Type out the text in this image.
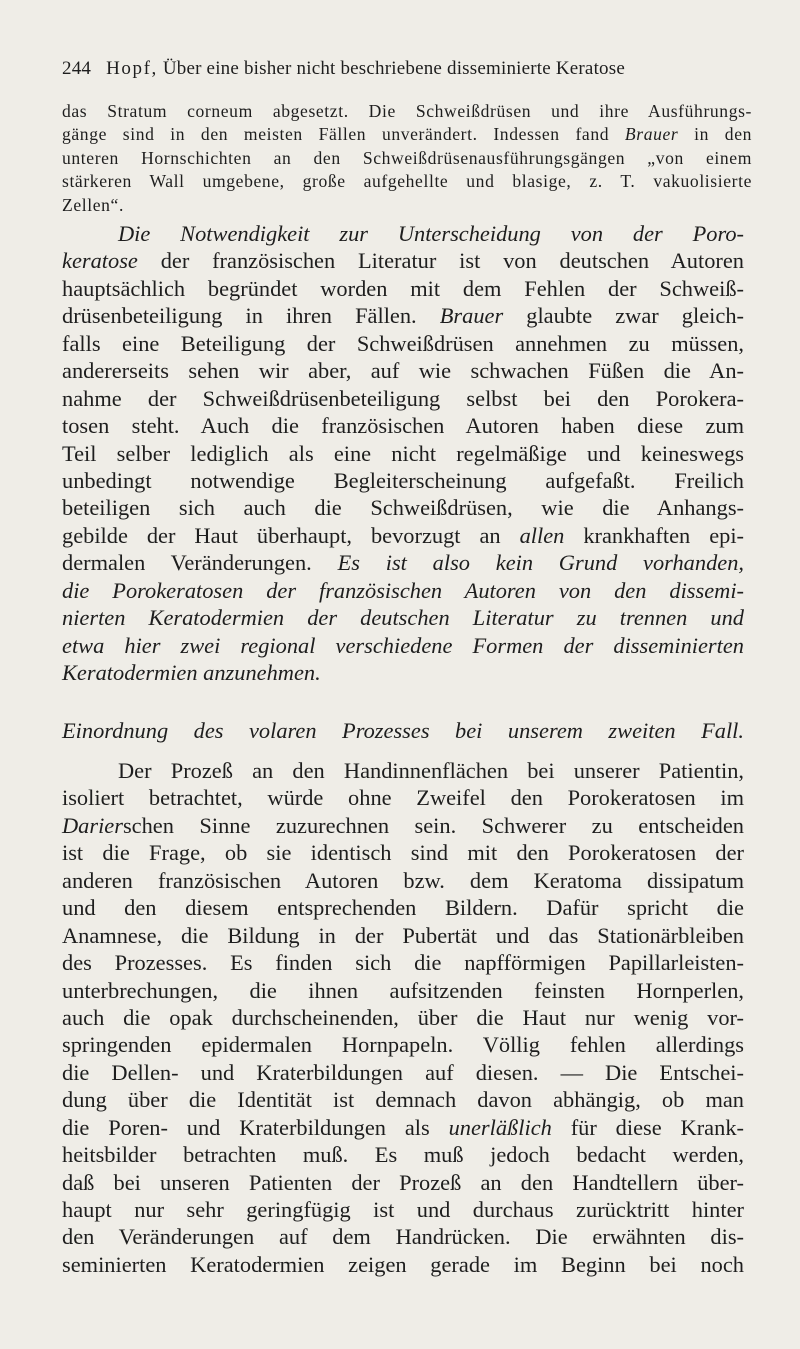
244 Hopf, Über eine bisher nicht beschriebene disseminierte Keratose
das Stratum corneum abgesetzt. Die Schweißdrüsen und ihre Ausführungs-
gänge sind in den meisten Fällen unverändert. Indessen fand Brauer in den
unteren Hornschichten an den Schweißdrüsenausführungsgängen „von einem
stärkeren Wall umgebene, große aufgehellte und blasige, z. T. vakuolisierte
Zellen“.
Die Notwendigkeit zur Unterscheidung von der Poro-
keratose der französischen Literatur ist von deutschen Autoren
hauptsächlich begründet worden mit dem Fehlen der Schweiß-
drüsenbeteiligung in ihren Fällen. Brauer glaubte zwar gleich-
falls eine Beteiligung der Schweißdrüsen annehmen zu müssen,
andererseits sehen wir aber, auf wie schwachen Füßen die An-
nahme der Schweißdrüsenbeteiligung selbst bei den Porokera-
tosen steht. Auch die französischen Autoren haben diese zum
Teil selber lediglich als eine nicht regelmäßige und keineswegs
unbedingt notwendige Begleiterscheinung aufgefaßt. Freilich
beteiligen sich auch die Schweißdrüsen, wie die Anhangs-
gebilde der Haut überhaupt, bevorzugt an allen krankhaften epi-
dermalen Veränderungen. Es ist also kein Grund vorhanden,
die Porokeratosen der französischen Autoren von den dissemi-
nierten Keratodermien der deutschen Literatur zu trennen und
etwa hier zwei regional verschiedene Formen der disseminierten
Keratodermien anzunehmen.
Einordnung des volaren Prozesses bei unserem zweiten Fall.
Der Prozeß an den Handinnenflächen bei unserer Patientin,
isoliert betrachtet, würde ohne Zweifel den Porokeratosen im
Darierschen Sinne zuzurechnen sein. Schwerer zu entscheiden
ist die Frage, ob sie identisch sind mit den Porokeratosen der
anderen französischen Autoren bzw. dem Keratoma dissipatum
und den diesem entsprechenden Bildern. Dafür spricht die
Anamnese, die Bildung in der Pubertät und das Stationärbleiben
des Prozesses. Es finden sich die napfförmigen Papillarleisten-
unterbrechungen, die ihnen aufsitzenden feinsten Hornperlen,
auch die opak durchscheinenden, über die Haut nur wenig vor-
springenden epidermalen Hornpapeln. Völlig fehlen allerdings
die Dellen- und Kraterbildungen auf diesen. — Die Entschei-
dung über die Identität ist demnach davon abhängig, ob man
die Poren- und Kraterbildungen als unerläßlich für diese Krank-
heitsbilder betrachten muß. Es muß jedoch bedacht werden,
daß bei unseren Patienten der Prozeß an den Handtellern über-
haupt nur sehr geringfügig ist und durchaus zurücktritt hinter
den Veränderungen auf dem Handrücken. Die erwähnten dis-
seminierten Keratodermien zeigen gerade im Beginn bei noch
